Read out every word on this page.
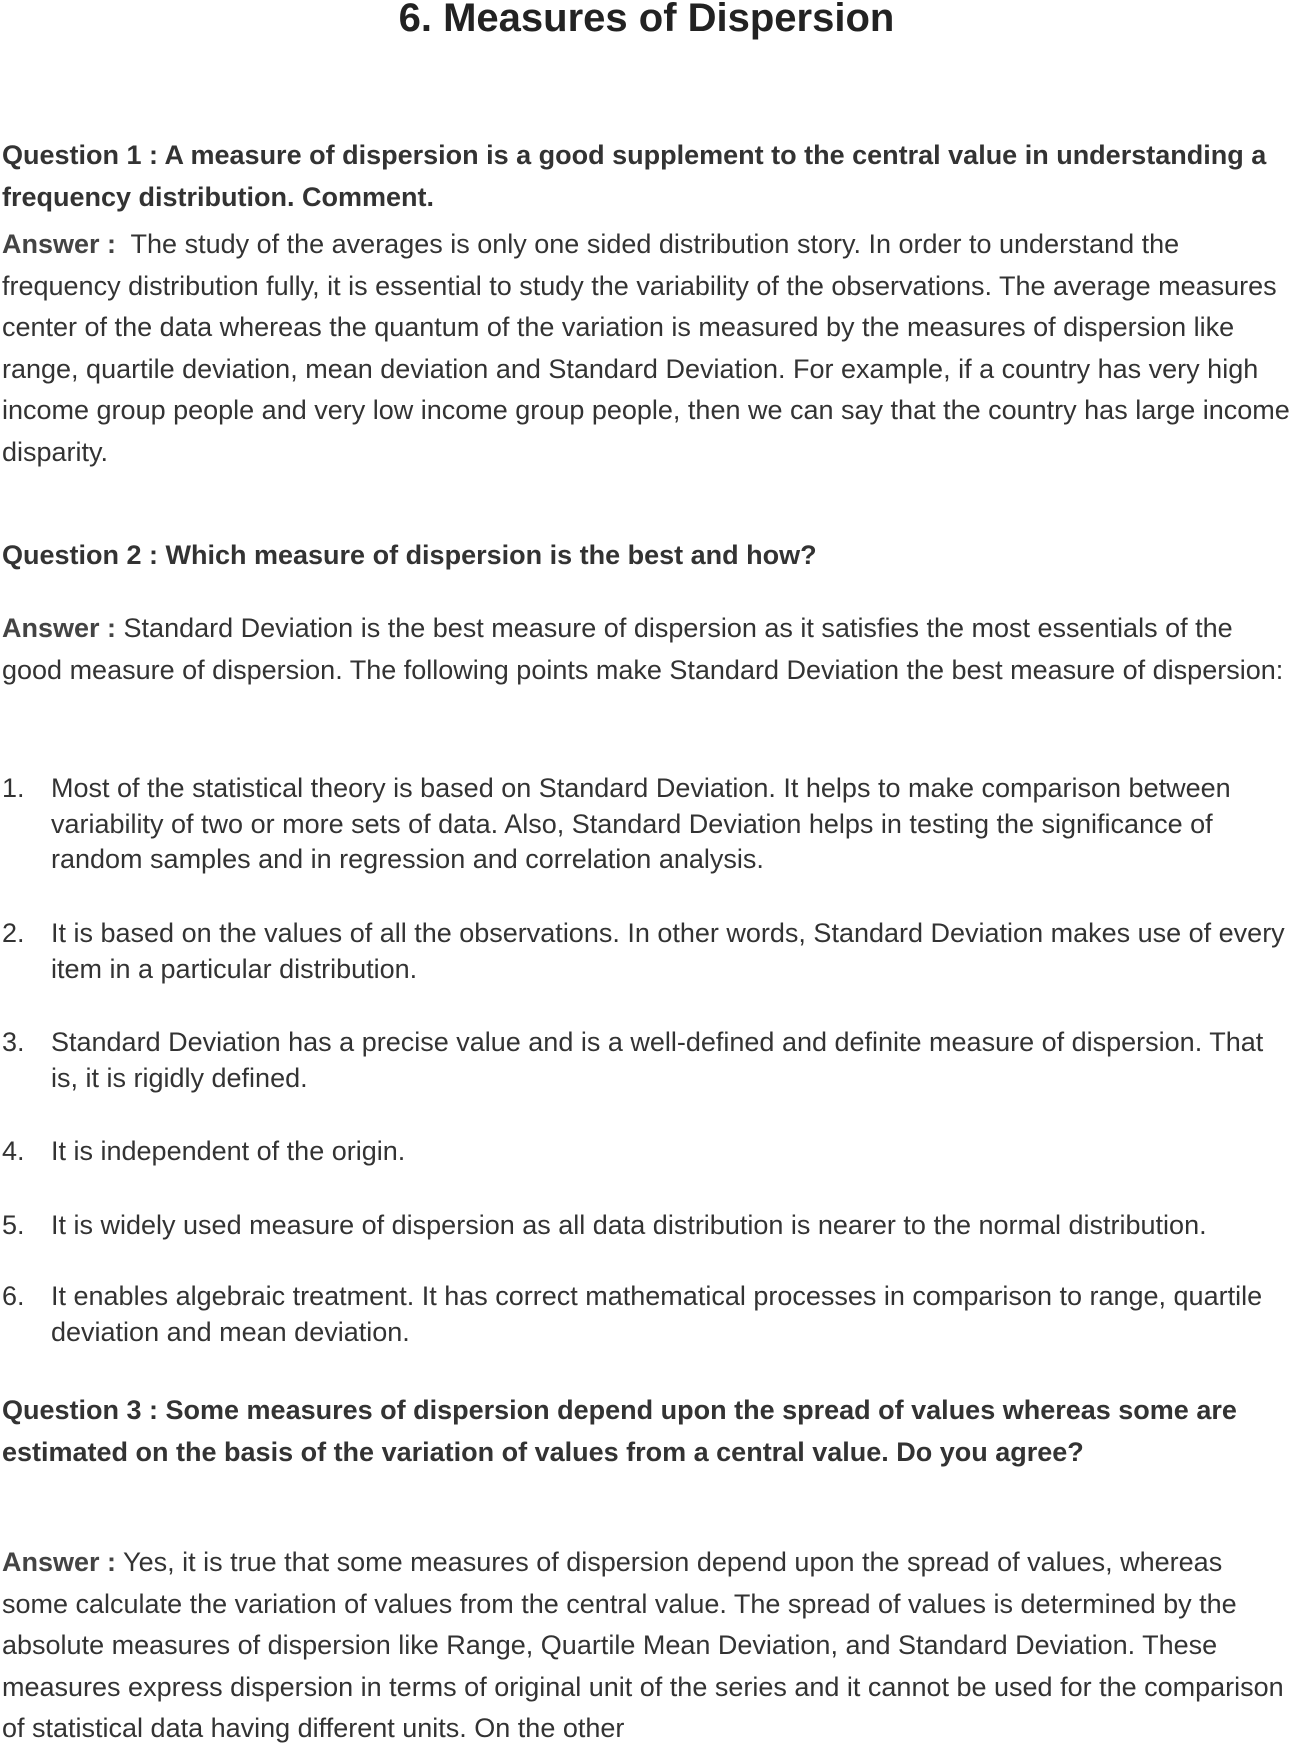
6. Measures of Dispersion
Question 1 : A measure of dispersion is a good supplement to the central value in understanding a frequency distribution. Comment.
Answer : The study of the averages is only one sided distribution story. In order to understand the frequency distribution fully, it is essential to study the variability of the observations. The average measures center of the data whereas the quantum of the variation is measured by the measures of dispersion like range, quartile deviation, mean deviation and Standard Deviation. For example, if a country has very high income group people and very low income group people, then we can say that the country has large income disparity.
Question 2 : Which measure of dispersion is the best and how?
Answer : Standard Deviation is the best measure of dispersion as it satisfies the most essentials of the good measure of dispersion. The following points make Standard Deviation the best measure of dispersion:
1. Most of the statistical theory is based on Standard Deviation. It helps to make comparison between variability of two or more sets of data. Also, Standard Deviation helps in testing the significance of random samples and in regression and correlation analysis.
2. It is based on the values of all the observations. In other words, Standard Deviation makes use of every item in a particular distribution.
3. Standard Deviation has a precise value and is a well-defined and definite measure of dispersion. That is, it is rigidly defined.
4. It is independent of the origin.
5. It is widely used measure of dispersion as all data distribution is nearer to the normal distribution.
6. It enables algebraic treatment. It has correct mathematical processes in comparison to range, quartile deviation and mean deviation.
Question 3 : Some measures of dispersion depend upon the spread of values whereas some are estimated on the basis of the variation of values from a central value. Do you agree?
Answer : Yes, it is true that some measures of dispersion depend upon the spread of values, whereas some calculate the variation of values from the central value. The spread of values is determined by the absolute measures of dispersion like Range, Quartile Mean Deviation, and Standard Deviation. These measures express dispersion in terms of original unit of the series and it cannot be used for the comparison of statistical data having different units. On the other
